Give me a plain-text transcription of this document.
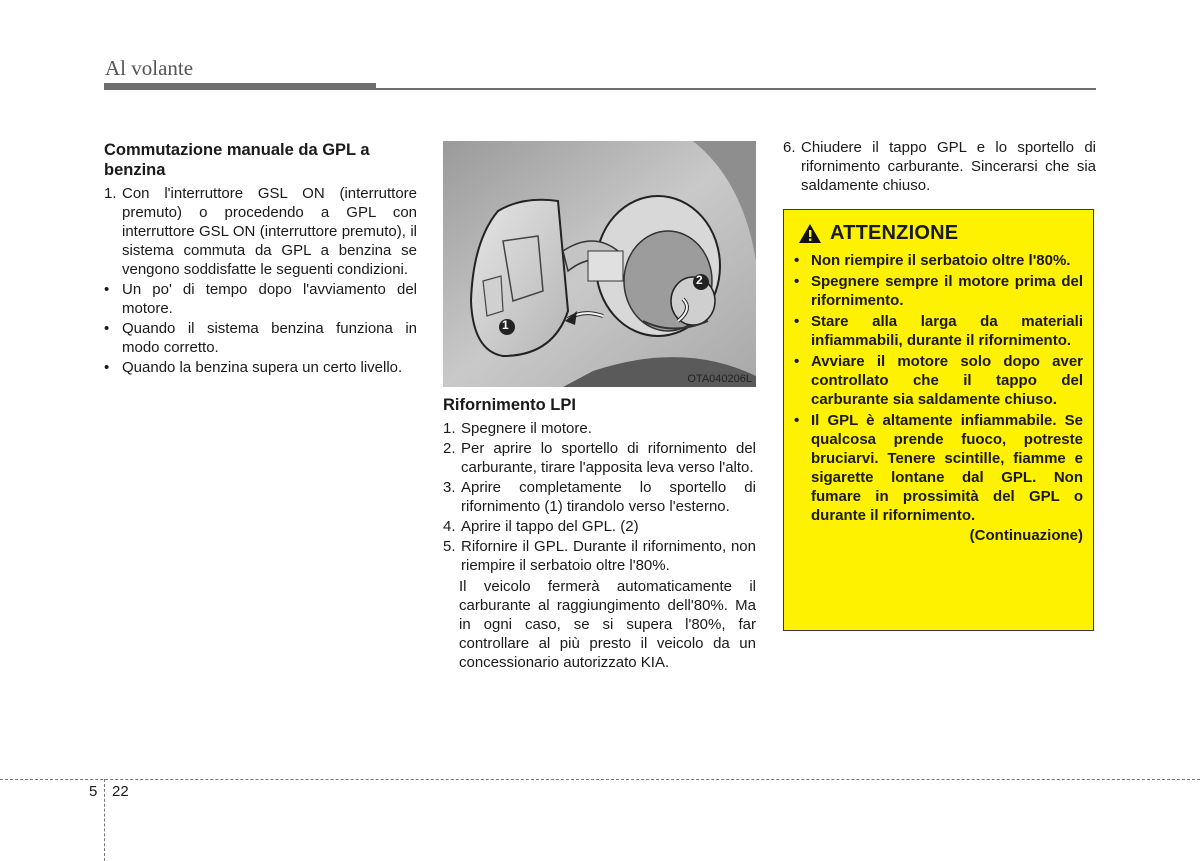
Al volante
Commutazione manuale da GPL a benzina
1. Con l'interruttore GSL ON (interruttore premuto) o procedendo a GPL con interruttore GSL ON (interruttore premuto), il sistema commuta da GPL a benzina se vengono soddisfatte le seguenti condizioni.
• Un po' di tempo dopo l'avviamento del motore.
• Quando il sistema benzina funziona in modo corretto.
• Quando la benzina supera un certo livello.
1
2
OTA040206L
Rifornimento LPI
1. Spegnere il motore.
2. Per aprire lo sportello di rifornimento del carburante, tirare l'apposita leva verso l'alto.
3. Aprire completamente lo sportello di rifornimento (1) tirandolo verso l'esterno.
4. Aprire il tappo del GPL. (2)
5. Rifornire il GPL. Durante il rifornimento, non riempire il serbatoio oltre l'80%.

Il veicolo fermerà automaticamente il carburante al raggiungimento dell'80%. Ma in ogni caso, se si supera l'80%, far controllare al più presto il veicolo da un concessionario autorizzato KIA.

6. Chiudere il tappo GPL e lo sportello di rifornimento carburante. Sincerarsi che sia saldamente chiuso.
ATTENZIONE
• Non riempire il serbatoio oltre l'80%.
• Spegnere sempre il motore prima del rifornimento.
• Stare alla larga da materiali infiammabili, durante il rifornimento.
• Avviare il motore solo dopo aver controllato che il tappo del carburante sia saldamente chiuso.
• Il GPL è altamente infiammabile. Se qualcosa prende fuoco, potreste bruciarvi. Tenere scintille, fiamme e sigarette lontane dal GPL. Non fumare in prossimità del GPL o durante il rifornimento.
(Continuazione)
5 22
